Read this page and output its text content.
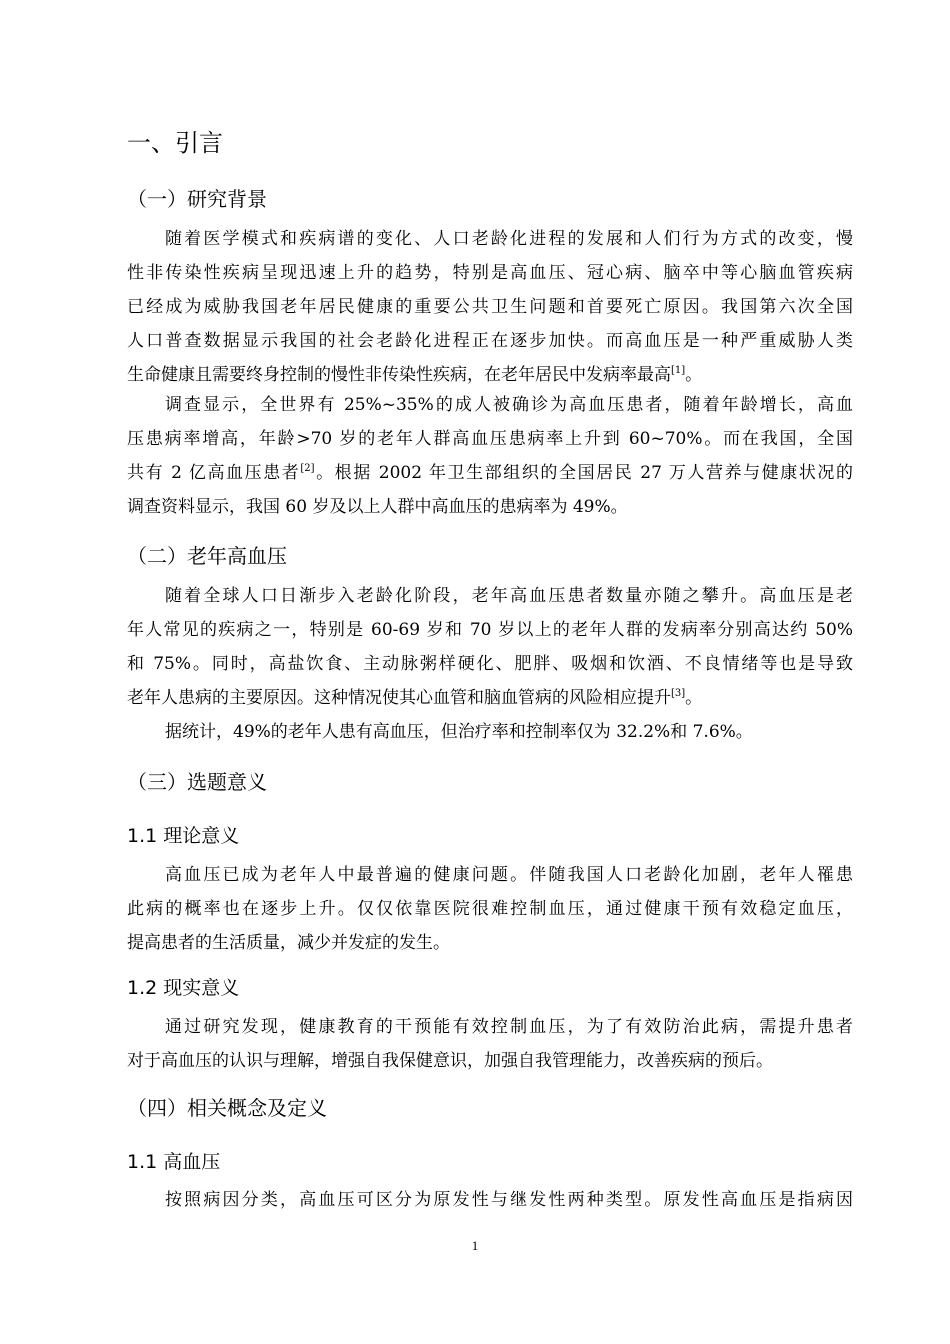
一、引言
（一）研究背景
随着医学模式和疾病谱的变化、人口老龄化进程的发展和人们行为方式的改变，慢
性非传染性疾病呈现迅速上升的趋势，特别是高血压、冠心病、脑卒中等心脑血管疾病
已经成为威胁我国老年居民健康的重要公共卫生问题和首要死亡原因。我国第六次全国
人口普查数据显示我国的社会老龄化进程正在逐步加快。而高血压是一种严重威胁人类
生命健康且需要终身控制的慢性非传染性疾病，在老年居民中发病率最高[1]。
调查显示，全世界有 25%~35%的成人被确诊为高血压患者，随着年龄增长，高血
压患病率增高，年龄>70 岁的老年人群高血压患病率上升到 60~70%。而在我国，全国
共有 2 亿高血压患者[2]。根据 2002 年卫生部组织的全国居民 27 万人营养与健康状况的
调查资料显示，我国 60 岁及以上人群中高血压的患病率为 49%。
（二）老年高血压
随着全球人口日渐步入老龄化阶段，老年高血压患者数量亦随之攀升。高血压是老
年人常见的疾病之一，特别是 60-69 岁和 70 岁以上的老年人群的发病率分别高达约 50%
和 75%。同时，高盐饮食、主动脉粥样硬化、肥胖、吸烟和饮酒、不良情绪等也是导致
老年人患病的主要原因。这种情况使其心血管和脑血管病的风险相应提升[3]。
据统计，49%的老年人患有高血压，但治疗率和控制率仅为 32.2%和 7.6%。
（三）选题意义
1.1 理论意义
高血压已成为老年人中最普遍的健康问题。伴随我国人口老龄化加剧，老年人罹患
此病的概率也在逐步上升。仅仅依靠医院很难控制血压，通过健康干预有效稳定血压，
提高患者的生活质量，减少并发症的发生。
1.2 现实意义
通过研究发现，健康教育的干预能有效控制血压，为了有效防治此病，需提升患者
对于高血压的认识与理解，增强自我保健意识，加强自我管理能力，改善疾病的预后。
（四）相关概念及定义
1.1 高血压
按照病因分类，高血压可区分为原发性与继发性两种类型。原发性高血压是指病因
1
